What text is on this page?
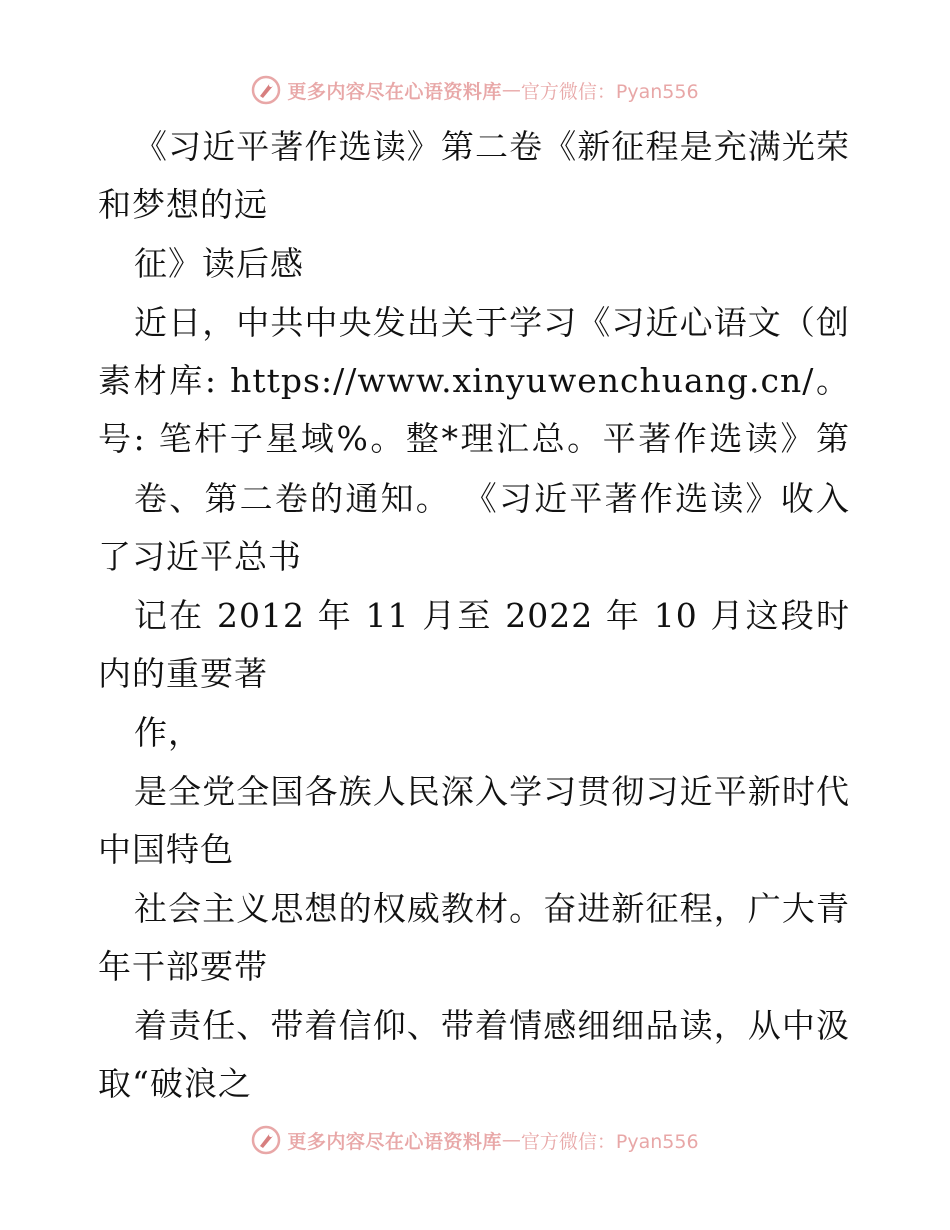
更多内容尽在心语资料库 — 官方微信：Pyan556
《习近平著作选读》第二卷《新征程是充满光荣
和梦想的远
征》读后感
近日，中共中央发出关于学习《习近心语文（创
素材库: https://www.xinyuwenchuang.cn/。
号: 笔杆子星域%。整*理汇总。平著作选读》第
卷、第二卷的通知。 《习近平著作选读》收入
了习近平总书
记在 2012 年 11 月至 2022 年 10 月这段时
内的重要著
作，
是全党全国各族人民深入学习贯彻习近平新时代
中国特色
社会主义思想的权威教材。奋进新征程，广大青
年干部要带
着责任、带着信仰、带着情感细细品读，从中汲
取“破浪之
更多内容尽在心语资料库 — 官方微信：Pyan556
